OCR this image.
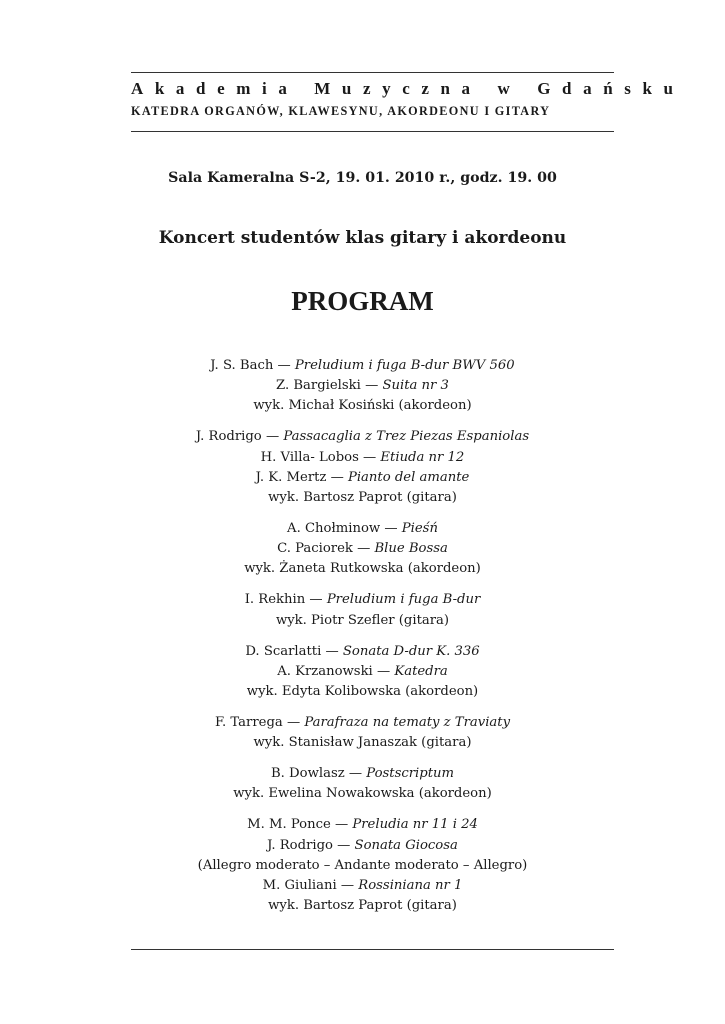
Akademia Muzyczna w Gdańsku
KATEDRA ORGANÓW, KLAWESYNU, AKORDEONU I GITARY
Sala Kameralna S-2, 19. 01. 2010 r., godz. 19. 00
Koncert studentów klas gitary i akordeonu
PROGRAM
J. S. Bach — Preludium i fuga B-dur BWV 560
Z. Bargielski — Suita nr 3
wyk. Michał Kosiński (akordeon)
J. Rodrigo — Passacaglia z Trez Piezas Espaniolas
H. Villa- Lobos — Etiuda nr 12
J. K. Mertz — Pianto del amante
wyk. Bartosz Paprot (gitara)
A. Chołminow — Pieśń
C. Paciorek — Blue Bossa
wyk. Żaneta Rutkowska (akordeon)
I. Rekhin — Preludium i fuga B-dur
wyk. Piotr Szefler (gitara)
D. Scarlatti — Sonata D-dur K. 336
A. Krzanowski — Katedra
wyk. Edyta Kolibowska (akordeon)
F. Tarrega — Parafraza na tematy z Traviaty
wyk. Stanisław Janaszak (gitara)
B. Dowlasz — Postscriptum
wyk. Ewelina Nowakowska (akordeon)
M. M. Ponce — Preludia nr 11 i 24
J. Rodrigo — Sonata Giocosa
(Allegro moderato – Andante moderato – Allegro)
M. Giuliani — Rossiniana nr 1
wyk. Bartosz Paprot (gitara)
